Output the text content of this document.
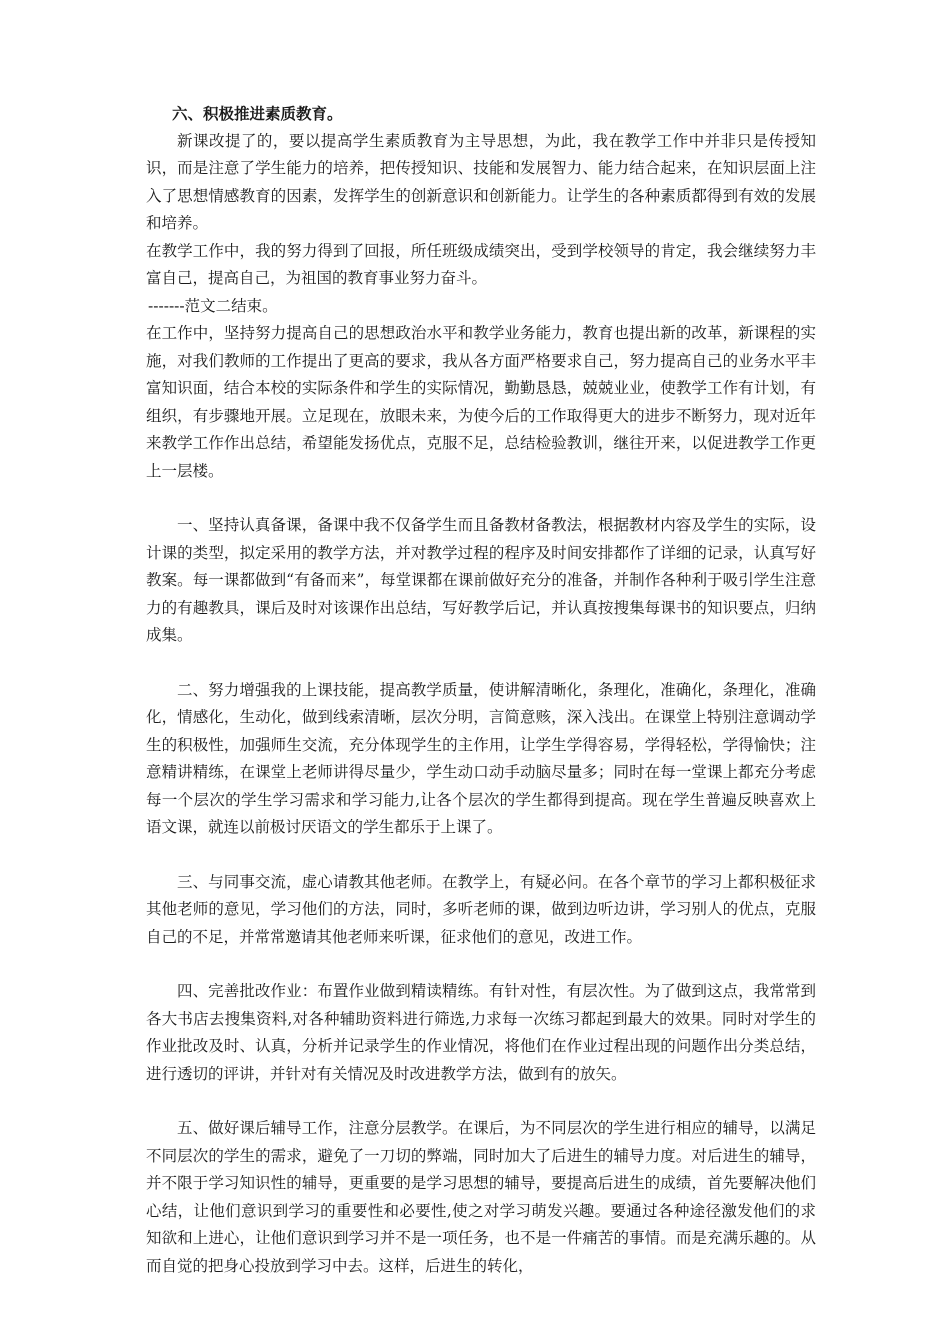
六、积极推进素质教育。

新课改提了的，要以提高学生素质教育为主导思想，为此，我在教学工作中并非只是传授知识，而是注意了学生能力的培养，把传授知识、技能和发展智力、能力结合起来，在知识层面上注入了思想情感教育的因素，发挥学生的创新意识和创新能力。让学生的各种素质都得到有效的发展和培养。

在教学工作中，我的努力得到了回报，所任班级成绩突出，受到学校领导的肯定，我会继续努力丰富自己，提高自己，为祖国的教育事业努力奋斗。

-------范文二结束。

在工作中，坚持努力提高自己的思想政治水平和教学业务能力，教育也提出新的改革，新课程的实施，对我们教师的工作提出了更高的要求，我从各方面严格要求自己，努力提高自己的业务水平丰富知识面，结合本校的实际条件和学生的实际情况，勤勤恳恳，兢兢业业，使教学工作有计划，有组织，有步骤地开展。立足现在，放眼未来，为使今后的工作取得更大的进步不断努力，现对近年来教学工作作出总结，希望能发扬优点，克服不足，总结检验教训，继往开来，以促进教学工作更上一层楼。

一、坚持认真备课，备课中我不仅备学生而且备教材备教法，根据教材内容及学生的实际，设计课的类型，拟定采用的教学方法，并对教学过程的程序及时间安排都作了详细的记录，认真写好教案。每一课都做到“有备而来”，每堂课都在课前做好充分的准备，并制作各种利于吸引学生注意力的有趣教具，课后及时对该课作出总结，写好教学后记，并认真按搜集每课书的知识要点，归纳成集。

二、努力增强我的上课技能，提高教学质量，使讲解清晰化，条理化，准确化，条理化，准确化，情感化，生动化，做到线索清晰，层次分明，言简意赅，深入浅出。在课堂上特别注意调动学生的积极性，加强师生交流，充分体现学生的主作用，让学生学得容易，学得轻松，学得愉快；注意精讲精练，在课堂上老师讲得尽量少，学生动口动手动脑尽量多；同时在每一堂课上都充分考虑每一个层次的学生学习需求和学习能力,让各个层次的学生都得到提高。现在学生普遍反映喜欢上语文课，就连以前极讨厌语文的学生都乐于上课了。

三、与同事交流，虚心请教其他老师。在教学上，有疑必问。在各个章节的学习上都积极征求其他老师的意见，学习他们的方法，同时，多听老师的课，做到边听边讲，学习别人的优点，克服自己的不足，并常常邀请其他老师来听课，征求他们的意见，改进工作。

四、完善批改作业：布置作业做到精读精练。有针对性，有层次性。为了做到这点，我常常到各大书店去搜集资料,对各种辅助资料进行筛选,力求每一次练习都起到最大的效果。同时对学生的作业批改及时、认真，分析并记录学生的作业情况，将他们在作业过程出现的问题作出分类总结，进行透切的评讲，并针对有关情况及时改进教学方法，做到有的放矢。

五、做好课后辅导工作，注意分层教学。在课后，为不同层次的学生进行相应的辅导，以满足不同层次的学生的需求，避免了一刀切的弊端，同时加大了后进生的辅导力度。对后进生的辅导，并不限于学习知识性的辅导，更重要的是学习思想的辅导，要提高后进生的成绩，首先要解决他们心结，让他们意识到学习的重要性和必要性,使之对学习萌发兴趣。要通过各种途径激发他们的求知欲和上进心，让他们意识到学习并不是一项任务，也不是一件痛苦的事情。而是充满乐趣的。从而自觉的把身心投放到学习中去。这样，后进生的转化，
